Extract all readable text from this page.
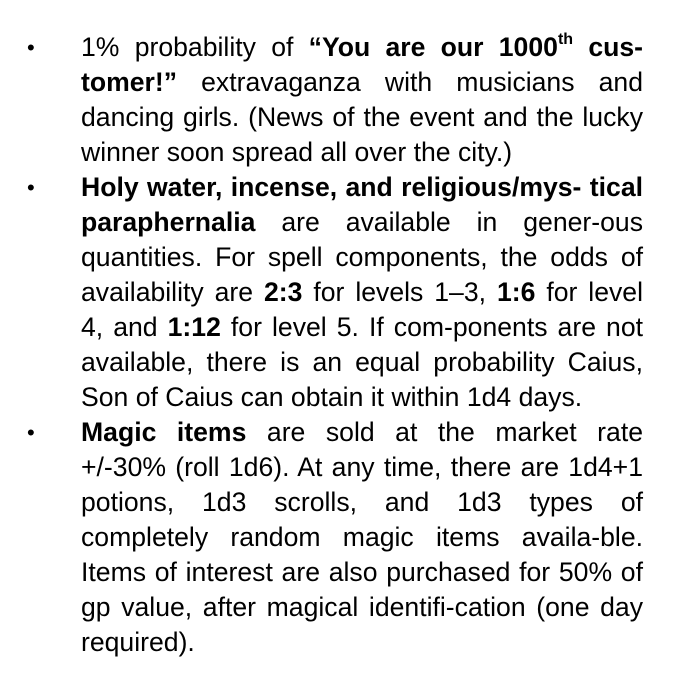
• 1% probability of “You are our 1000th cus- tomer!” extravaganza with musicians and dancing girls. (News of the event and the lucky winner soon spread all over the city.)
• Holy water, incense, and religious/mys- tical paraphernalia are available in gener-ous quantities. For spell components, the odds of availability are 2:3 for levels 1–3, 1:6 for level 4, and 1:12 for level 5. If com-ponents are not available, there is an equal probability Caius, Son of Caius can obtain it within 1d4 days.
• Magic items are sold at the market rate +/-30% (roll 1d6). At any time, there are 1d4+1 potions, 1d3 scrolls, and 1d3 types of completely random magic items availa-ble. Items of interest are also purchased for 50% of gp value, after magical identifi-cation (one day required).
